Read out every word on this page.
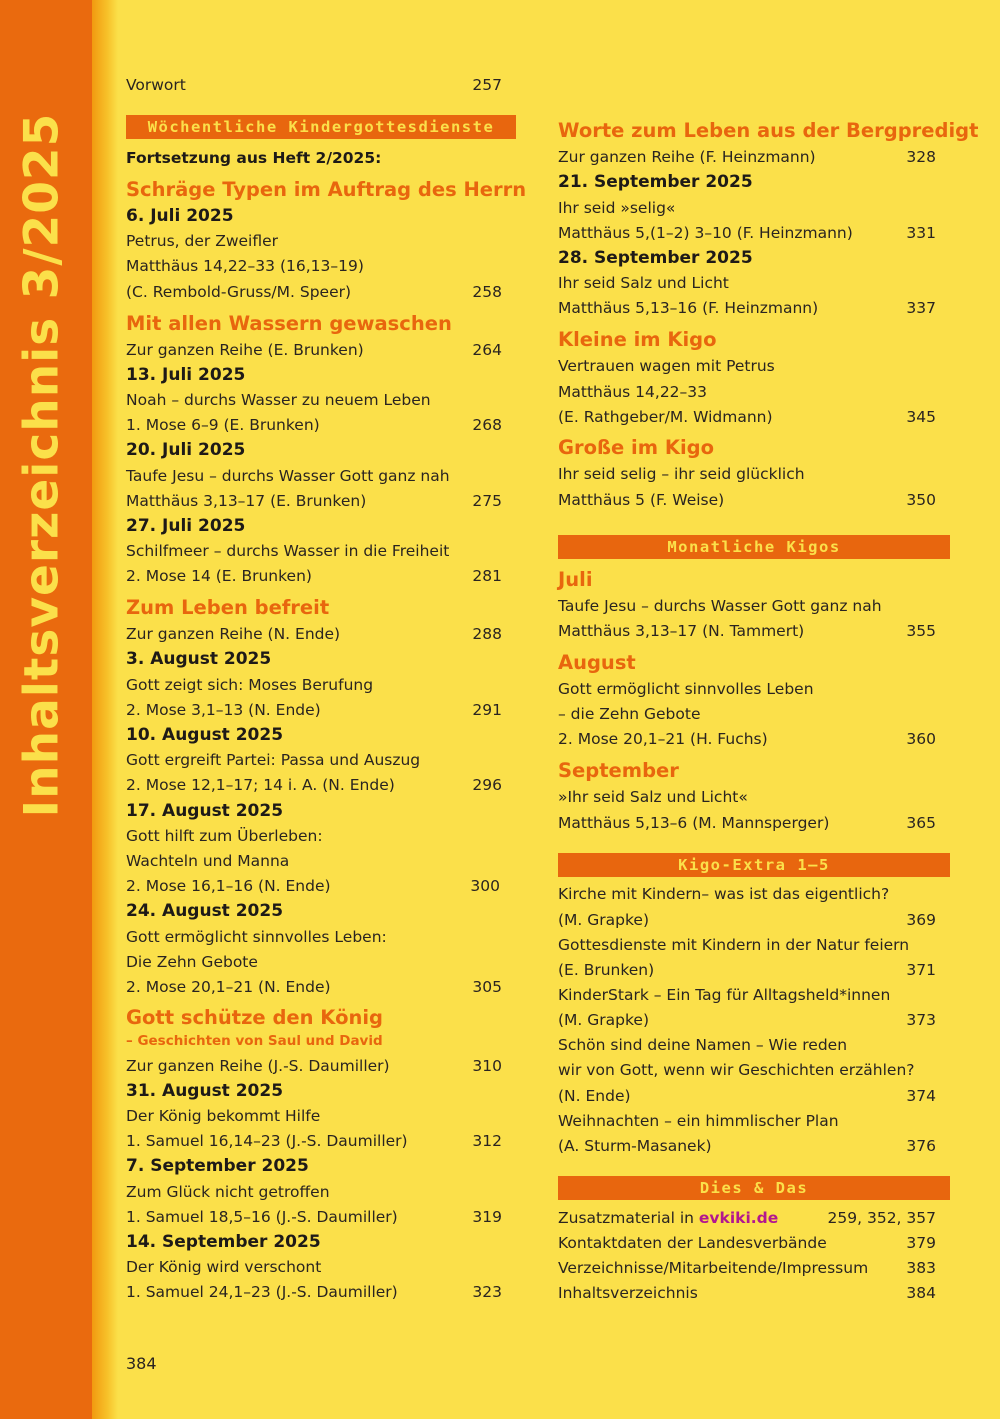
Inhaltsverzeichnis 3/2025
Vorwort	257
Wöchentliche Kindergottesdienste
Fortsetzung aus Heft 2/2025:
Schräge Typen im Auftrag des Herrn
6. Juli 2025
Petrus, der Zweifler
Matthäus 14,22–33 (16,13–19)
(C. Rembold-Gruss/M. Speer)	258
Mit allen Wassern gewaschen
Zur ganzen Reihe (E. Brunken)	264
13. Juli 2025
Noah – durchs Wasser zu neuem Leben
1. Mose 6–9 (E. Brunken)	268
20. Juli 2025
Taufe Jesu – durchs Wasser Gott ganz nah
Matthäus 3,13–17 (E. Brunken)	275
27. Juli 2025
Schilfmeer – durchs Wasser in die Freiheit
2. Mose 14 (E. Brunken)	281
Zum Leben befreit
Zur ganzen Reihe (N. Ende)	288
3. August 2025
Gott zeigt sich: Moses Berufung
2. Mose 3,1–13 (N. Ende)	291
10. August 2025
Gott ergreift Partei: Passa und Auszug
2. Mose 12,1–17; 14 i. A. (N. Ende)	296
17. August 2025
Gott hilft zum Überleben:
Wachteln und Manna
2. Mose 16,1–16 (N. Ende)	300
24. August 2025
Gott ermöglicht sinnvolles Leben:
Die Zehn Gebote
2. Mose 20,1–21 (N. Ende)	305
Gott schütze den König
– Geschichten von Saul und David
Zur ganzen Reihe (J.-S. Daumiller)	310
31. August 2025
Der König bekommt Hilfe
1. Samuel 16,14–23 (J.-S. Daumiller)	312
7. September 2025
Zum Glück nicht getroffen
1. Samuel 18,5–16 (J.-S. Daumiller)	319
14. September 2025
Der König wird verschont
1. Samuel 24,1–23 (J.-S. Daumiller)	323
Worte zum Leben aus der Bergpredigt
Zur ganzen Reihe (F. Heinzmann)	328
21. September 2025
Ihr seid »selig«
Matthäus 5,(1–2) 3–10 (F. Heinzmann)	331
28. September 2025
Ihr seid Salz und Licht
Matthäus 5,13–16 (F. Heinzmann)	337
Kleine im Kigo
Vertrauen wagen mit Petrus
Matthäus 14,22–33
(E. Rathgeber/M. Widmann)	345
Große im Kigo
Ihr seid selig – ihr seid glücklich
Matthäus 5 (F. Weise)	350
Monatliche Kigos
Juli
Taufe Jesu – durchs Wasser Gott ganz nah
Matthäus 3,13–17 (N. Tammert)	355
August
Gott ermöglicht sinnvolles Leben
– die Zehn Gebote
2. Mose 20,1–21 (H. Fuchs)	360
September
»Ihr seid Salz und Licht«
Matthäus 5,13–6 (M. Mannsperger)	365
Kigo-Extra 1–5
Kirche mit Kindern– was ist das eigentlich?
(M. Grapke)	369
Gottesdienste mit Kindern in der Natur feiern
(E. Brunken)	371
KinderStark – Ein Tag für Alltagsheld*innen
(M. Grapke)	373
Schön sind deine Namen – Wie reden
wir von Gott, wenn wir Geschichten erzählen?
(N. Ende)	374
Weihnachten – ein himmlischer Plan
(A. Sturm-Masanek)	376
Dies & Das
Zusatzmaterial in evkiki.de	259, 352, 357
Kontaktdaten der Landesverbände	379
Verzeichnisse/Mitarbeitende/Impressum 383
Inhaltsverzeichnis	384
384
